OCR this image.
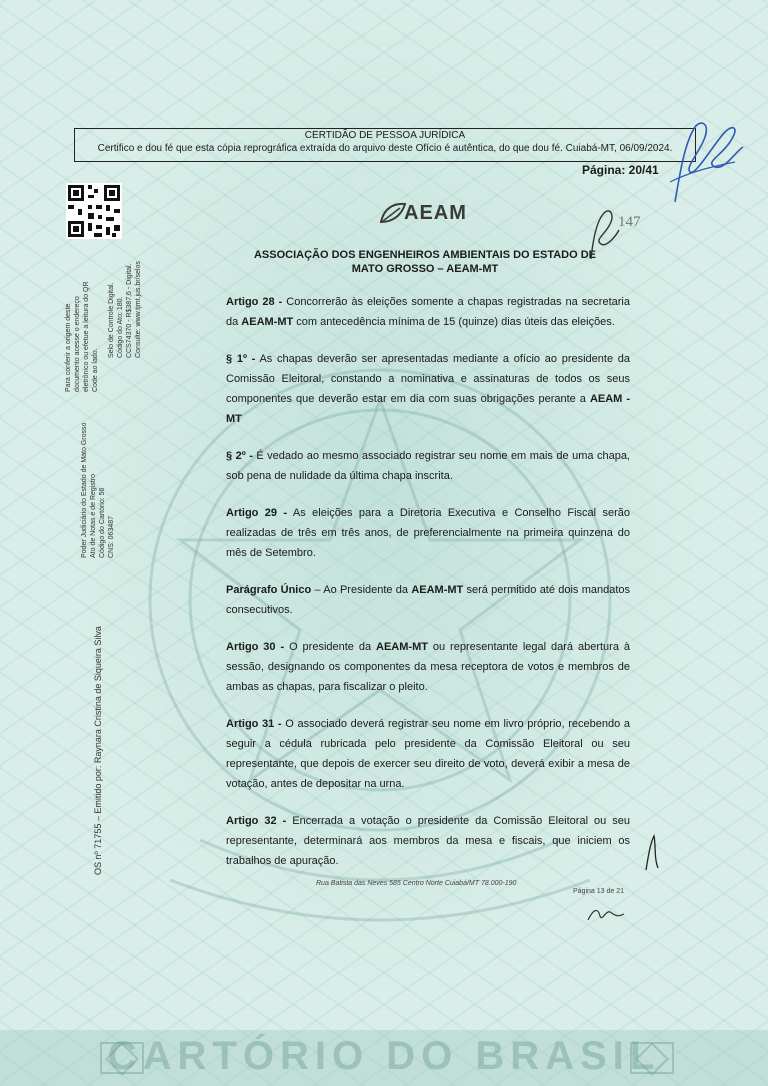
CARTÓRIO DO BRASIL
CERTIDÃO DE PESSOA JURÍDICA
Certifico e dou fé que esta cópia reprográfica extraída do arquivo deste Ofício é autêntica, do que dou fé. Cuiabá-MT, 06/09/2024.
Página: 20/41
Para conferir a origem deste documento acesse o endereço eletrônico ou efetue a leitura do QR Code ao lado.
Selo de Controle Digital. Código do Ato: 180. CCS74370 - R$387,6 - Digital. Consulte: www.tjmt.jus.br/selos
Poder Judiciário do Estado de Mato Grosso Ato de Notas e de Registro Código do Cartório: 56 CNS: 063487
OS nº 71755 – Emitido por: Raynara Cristina de Siqueira Silva
AEAM	147
ASSOCIAÇÃO DOS ENGENHEIROS AMBIENTAIS DO ESTADO DE
MATO GROSSO – AEAM-MT

Artigo 28 - Concorrerão às eleições somente a chapas registradas na secretaria da AEAM-MT com antecedência mínima de 15 (quinze) dias úteis das eleições.

§ 1º - As chapas deverão ser apresentadas mediante a ofício ao presidente da Comissão Eleitoral, constando a nominativa e assinaturas de todos os seus componentes que deverão estar em dia com suas obrigações perante a AEAM - MT

§ 2º - É vedado ao mesmo associado registrar seu nome em mais de uma chapa, sob pena de nulidade da última chapa inscrita.

Artigo 29 - As eleições para a Diretoria Executiva e Conselho Fiscal serão realizadas de três em três anos, de preferencialmente na primeira quinzena do mês de Setembro.

Parágrafo Único – Ao Presidente da AEAM-MT será permitido até dois mandatos consecutivos.

Artigo 30 - O presidente da AEAM-MT ou representante legal dará abertura à sessão, designando os componentes da mesa receptora de votos e membros de ambas as chapas, para fiscalizar o pleito.

Artigo 31 - O associado deverá registrar seu nome em livro próprio, recebendo a seguir a cédula rubricada pelo presidente da Comissão Eleitoral ou seu representante, que depois de exercer seu direito de voto, deverá exibir a mesa de votação, antes de depositar na urna.

Artigo 32 - Encerrada a votação o presidente da Comissão Eleitoral ou seu representante, determinará aos membros da mesa e fiscais, que iniciem os trabalhos de apuração.

Rua Batista das Neves 585 Centro Norte Cuiabá/MT 78.000-190
Página 13 de 21
